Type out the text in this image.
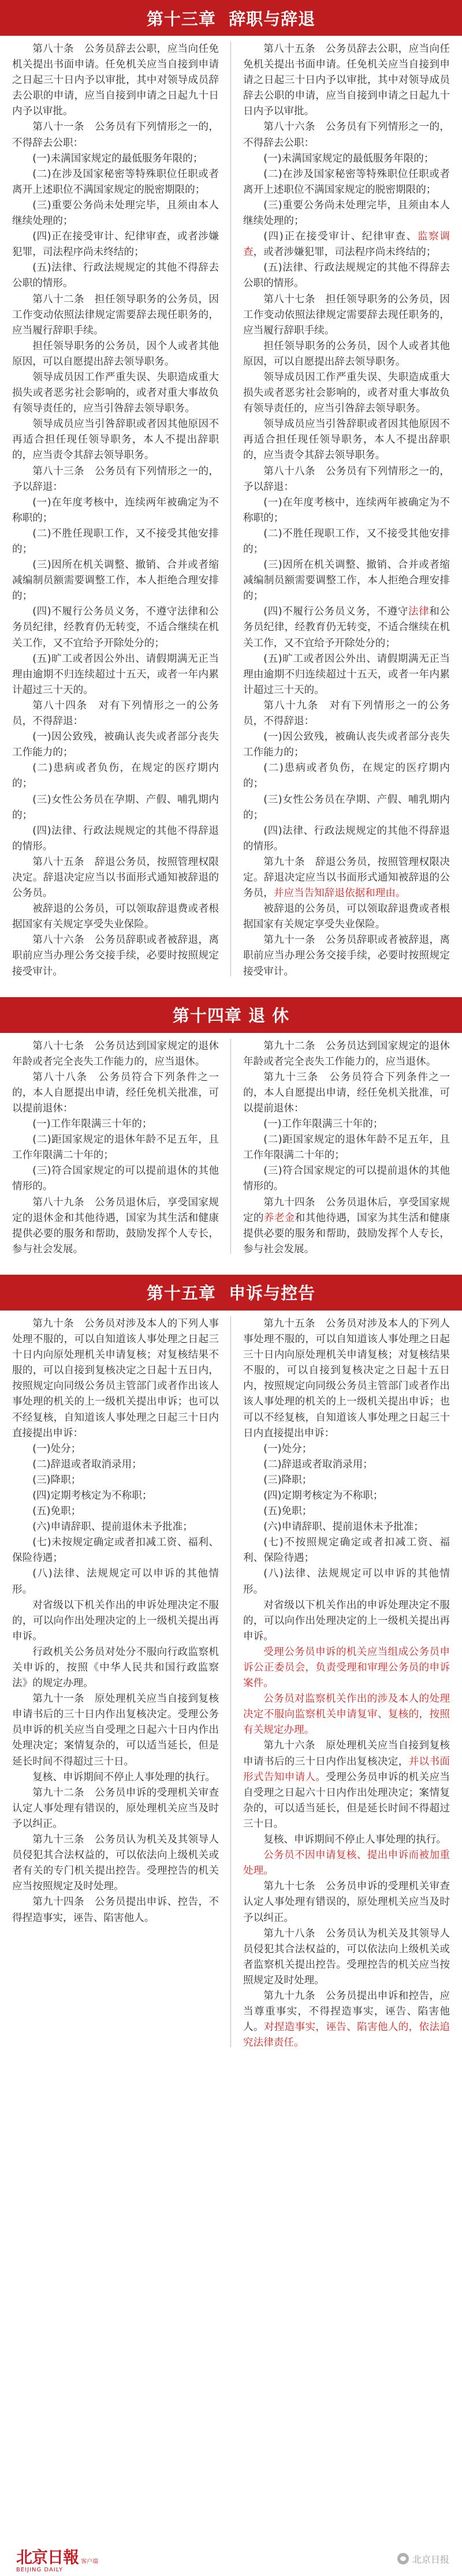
第十三章  辞职与辞退

第八十条　公务员辞去公职，应当向任免机关提出书面申请。任免机关应当自接到申请之日起三十日内予以审批，其中对领导成员辞去公职的申请，应当自接到申请之日起九十日内予以审批。

第八十一条　公务员有下列情形之一的，不得辞去公职：

(一)未满国家规定的最低服务年限的；

(二)在涉及国家秘密等特殊职位任职或者离开上述职位不满国家规定的脱密期限的；

(三)重要公务尚未处理完毕，且须由本人继续处理的；

(四)正在接受审计、纪律审查，或者涉嫌犯罪，司法程序尚未终结的；

(五)法律、行政法规规定的其他不得辞去公职的情形。

第八十二条　担任领导职务的公务员，因工作变动依照法律规定需要辞去现任职务的，应当履行辞职手续。

担任领导职务的公务员，因个人或者其他原因，可以自愿提出辞去领导职务。

领导成员因工作严重失误、失职造成重大损失或者恶劣社会影响的，或者对重大事故负有领导责任的，应当引咎辞去领导职务。

领导成员应当引咎辞职或者因其他原因不再适合担任现任领导职务，本人不提出辞职的，应当责令其辞去领导职务。

第八十三条　公务员有下列情形之一的，予以辞退：

(一)在年度考核中，连续两年被确定为不称职的；

(二)不胜任现职工作，又不接受其他安排的；

(三)因所在机关调整、撤销、合并或者缩减编制员额需要调整工作，本人拒绝合理安排的；

(四)不履行公务员义务，不遵守法律和公务员纪律，经教育仍无转变，不适合继续在机关工作，又不宜给予开除处分的；

(五)旷工或者因公外出、请假期满无正当理由逾期不归连续超过十五天，或者一年内累计超过三十天的。

第八十四条　对有下列情形之一的公务员，不得辞退：

(一)因公致残，被确认丧失或者部分丧失工作能力的；

(二)患病或者负伤，在规定的医疗期内的；

(三)女性公务员在孕期、产假、哺乳期内的；

(四)法律、行政法规规定的其他不得辞退的情形。

第八十五条　辞退公务员，按照管理权限决定。辞退决定应当以书面形式通知被辞退的公务员。

被辞退的公务员，可以领取辞退费或者根据国家有关规定享受失业保险。

第八十六条　公务员辞职或者被辞退，离职前应当办理公务交接手续，必要时按照规定接受审计。

第八十五条　公务员辞去公职，应当向任免机关提出书面申请。任免机关应当自接到申请之日起三十日内予以审批，其中对领导成员辞去公职的申请，应当自接到申请之日起九十日内予以审批。

第八十六条　公务员有下列情形之一的，不得辞去公职：

(一)未满国家规定的最低服务年限的；

(二)在涉及国家秘密等特殊职位任职或者离开上述职位不满国家规定的脱密期限的；

(三)重要公务尚未处理完毕，且须由本人继续处理的；

(四)正在接受审计、纪律审查、监察调查，或者涉嫌犯罪，司法程序尚未终结的；

(五)法律、行政法规规定的其他不得辞去公职的情形。

第八十七条　担任领导职务的公务员，因工作变动依照法律规定需要辞去现任职务的，应当履行辞职手续。

担任领导职务的公务员，因个人或者其他原因，可以自愿提出辞去领导职务。

领导成员因工作严重失误、失职造成重大损失或者恶劣社会影响的，或者对重大事故负有领导责任的，应当引咎辞去领导职务。

领导成员应当引咎辞职或者因其他原因不再适合担任现任领导职务，本人不提出辞职的，应当责令其辞去领导职务。

第八十八条　公务员有下列情形之一的，予以辞退：

(一)在年度考核中，连续两年被确定为不称职的；

(二)不胜任现职工作，又不接受其他安排的；

(三)因所在机关调整、撤销、合并或者缩减编制员额需要调整工作，本人拒绝合理安排的；

(四)不履行公务员义务，不遵守法律和公务员纪律，经教育仍无转变，不适合继续在机关工作，又不宜给予开除处分的；

(五)旷工或者因公外出、请假期满无正当理由逾期不归连续超过十五天，或者一年内累计超过三十天的。

第八十九条　对有下列情形之一的公务员，不得辞退：

(一)因公致残，被确认丧失或者部分丧失工作能力的；

(二)患病或者负伤，在规定的医疗期内的；

(三)女性公务员在孕期、产假、哺乳期内的；

(四)法律、行政法规规定的其他不得辞退的情形。

第九十条　辞退公务员，按照管理权限决定。辞退决定应当以书面形式通知被辞退的公务员，并应当告知辞退依据和理由。

被辞退的公务员，可以领取辞退费或者根据国家有关规定享受失业保险。

第九十一条　公务员辞职或者被辞退，离职前应当办理公务交接手续，必要时按照规定接受审计。

第十四章 退 休

第八十七条　公务员达到国家规定的退休年龄或者完全丧失工作能力的，应当退休。

第八十八条　公务员符合下列条件之一的，本人自愿提出申请，经任免机关批准，可以提前退休：

(一)工作年限满三十年的；

(二)距国家规定的退休年龄不足五年，且工作年限满二十年的；

(三)符合国家规定的可以提前退休的其他情形的。

第八十九条　公务员退休后，享受国家规定的退休金和其他待遇，国家为其生活和健康提供必要的服务和帮助，鼓励发挥个人专长，参与社会发展。

第九十二条　公务员达到国家规定的退休年龄或者完全丧失工作能力的，应当退休。

第九十三条　公务员符合下列条件之一的，本人自愿提出申请，经任免机关批准，可以提前退休：

(一)工作年限满三十年的；

(二)距国家规定的退休年龄不足五年，且工作年限满二十年的；

(三)符合国家规定的可以提前退休的其他情形的。

第九十四条　公务员退休后，享受国家规定的养老金和其他待遇，国家为其生活和健康提供必要的服务和帮助，鼓励发挥个人专长，参与社会发展。

第十五章  申诉与控告

第九十条　公务员对涉及本人的下列人事处理不服的，可以自知道该人事处理之日起三十日内向原处理机关申请复核；对复核结果不服的，可以自接到复核决定之日起十五日内，按照规定向同级公务员主管部门或者作出该人事处理的机关的上一级机关提出申诉；也可以不经复核，自知道该人事处理之日起三十日内直接提出申诉：

(一)处分；

(二)辞退或者取消录用；

(三)降职；

(四)定期考核定为不称职；

(五)免职；

(六)申请辞职、提前退休未予批准；

(七)未按规定确定或者扣减工资、福利、保险待遇；

(八)法律、法规规定可以申诉的其他情形。

对省级以下机关作出的申诉处理决定不服的，可以向作出处理决定的上一级机关提出再申诉。

行政机关公务员对处分不服向行政监察机关申诉的，按照《中华人民共和国行政监察法》的规定办理。

第九十一条　原处理机关应当自接到复核申请书后的三十日内作出复核决定。受理公务员申诉的机关应当自受理之日起六十日内作出处理决定；案情复杂的，可以适当延长，但是延长时间不得超过三十日。

复核、申诉期间不停止人事处理的执行。

第九十二条　公务员申诉的受理机关审查认定人事处理有错误的，原处理机关应当及时予以纠正。

第九十三条　公务员认为机关及其领导人员侵犯其合法权益的，可以依法向上级机关或者有关的专门机关提出控告。受理控告的机关应当按照规定及时处理。

第九十四条　公务员提出申诉、控告，不得捏造事实，诬告、陷害他人。

第九十五条　公务员对涉及本人的下列人事处理不服的，可以自知道该人事处理之日起三十日内向原处理机关申请复核；对复核结果不服的，可以自接到复核决定之日起十五日内，按照规定向同级公务员主管部门或者作出该人事处理的机关的上一级机关提出申诉；也可以不经复核，自知道该人事处理之日起三十日内直接提出申诉：

(一)处分；

(二)辞退或者取消录用；

(三)降职；

(四)定期考核定为不称职；

(五)免职；

(六)申请辞职、提前退休未予批准；

(七)不按照规定确定或者扣减工资、福利、保险待遇；

(八)法律、法规规定可以申诉的其他情形。

对省级以下机关作出的申诉处理决定不服的，可以向作出处理决定的上一级机关提出再申诉。

受理公务员申诉的机关应当组成公务员申诉公正委员会，负责受理和审理公务员的申诉案件。

公务员对监察机关作出的涉及本人的处理决定不服向监察机关申请复审、复核的，按照有关规定办理。

第九十六条　原处理机关应当自接到复核申请书后的三十日内作出复核决定，并以书面形式告知申请人。受理公务员申诉的机关应当自受理之日起六十日内作出处理决定；案情复杂的，可以适当延长，但是延长时间不得超过三十日。

复核、申诉期间不停止人事处理的执行。

公务员不因申请复核、提出申诉而被加重处理。

第九十七条　公务员申诉的受理机关审查认定人事处理有错误的，原处理机关应当及时予以纠正。

第九十八条　公务员认为机关及其领导人员侵犯其合法权益的，可以依法向上级机关或者监察机关提出控告。受理控告的机关应当按照规定及时处理。

第九十九条　公务员提出申诉和控告，应当尊重事实，不得捏造事实，诬告、陷害他人。对捏造事实，诬告、陷害他人的，依法追究法律责任。

北京日報 客户端
BEIJING DAILY
北京日报
